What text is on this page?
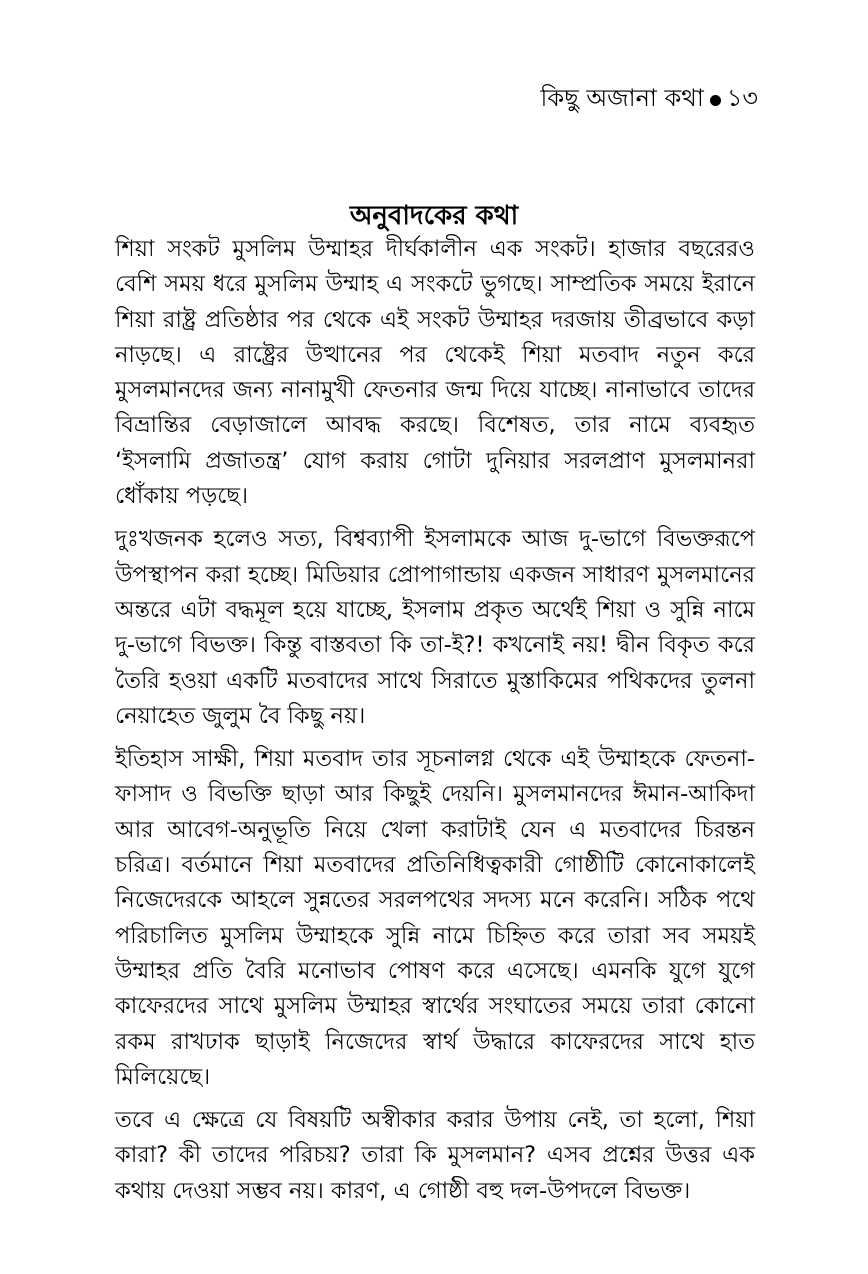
কিছু অজানা কথা ১৩
অনুবাদকের কথা

শিয়া সংকট মুসলিম উম্মাহর দীর্ঘকালীন এক সংকট। হাজার বছরেরও বেশি সময় ধরে মুসলিম উম্মাহ এ সংকটে ভুগছে। সাম্প্রতিক সময়ে ইরানে শিয়া রাষ্ট্র প্রতিষ্ঠার পর থেকে এই সংকট উম্মাহর দরজায় তীব্রভাবে কড়া নাড়ছে। এ রাষ্ট্রের উত্থানের পর থেকেই শিয়া মতবাদ নতুন করে মুসলমানদের জন্য নানামুখী ফেতনার জন্ম দিয়ে যাচ্ছে। নানাভাবে তাদের বিভ্রান্তির বেড়াজালে আবদ্ধ করছে। বিশেষত, তার নামে ব্যবহৃত ‘ইসলামি প্রজাতন্ত্র’ যোগ করায় গোটা দুনিয়ার সরলপ্রাণ মুসলমানরা ধোঁকায় পড়ছে।

দুঃখজনক হলেও সত্য, বিশ্বব্যাপী ইসলামকে আজ দু-ভাগে বিভক্তরূপে উপস্থাপন করা হচ্ছে। মিডিয়ার প্রোপাগান্ডায় একজন সাধারণ মুসলমানের অন্তরে এটা বদ্ধমূল হয়ে যাচ্ছে, ইসলাম প্রকৃত অর্থেই শিয়া ও সুন্নি নামে দু-ভাগে বিভক্ত। কিন্তু বাস্তবতা কি তা-ই?! কখনোই নয়! দ্বীন বিকৃত করে তৈরি হওয়া একটি মতবাদের সাথে সিরাতে মুস্তাকিমের পথিকদের তুলনা নেয়াহেত জুলুম বৈ কিছু নয়।

ইতিহাস সাক্ষী, শিয়া মতবাদ তার সূচনালগ্ন থেকে এই উম্মাহকে ফেতনা-ফাসাদ ও বিভক্তি ছাড়া আর কিছুই দেয়নি। মুসলমানদের ঈমান-আকিদা আর আবেগ-অনুভূতি নিয়ে খেলা করাটাই যেন এ মতবাদের চিরন্তন চরিত্র। বর্তমানে শিয়া মতবাদের প্রতিনিধিত্বকারী গোষ্ঠীটি কোনোকালেই নিজেদেরকে আহলে সুন্নতের সরলপথের সদস্য মনে করেনি। সঠিক পথে পরিচালিত মুসলিম উম্মাহকে সুন্নি নামে চিহ্নিত করে তারা সব সময়ই উম্মাহর প্রতি বৈরি মনোভাব পোষণ করে এসেছে। এমনকি যুগে যুগে কাফেরদের সাথে মুসলিম উম্মাহর স্বার্থের সংঘাতের সময়ে তারা কোনো রকম রাখঢাক ছাড়াই নিজেদের স্বার্থ উদ্ধারে কাফেরদের সাথে হাত মিলিয়েছে।

তবে এ ক্ষেত্রে যে বিষয়টি অস্বীকার করার উপায় নেই, তা হলো, শিয়া কারা? কী তাদের পরিচয়? তারা কি মুসলমান? এসব প্রশ্নের উত্তর এক কথায় দেওয়া সম্ভব নয়। কারণ, এ গোষ্ঠী বহু দল-উপদলে বিভক্ত।
